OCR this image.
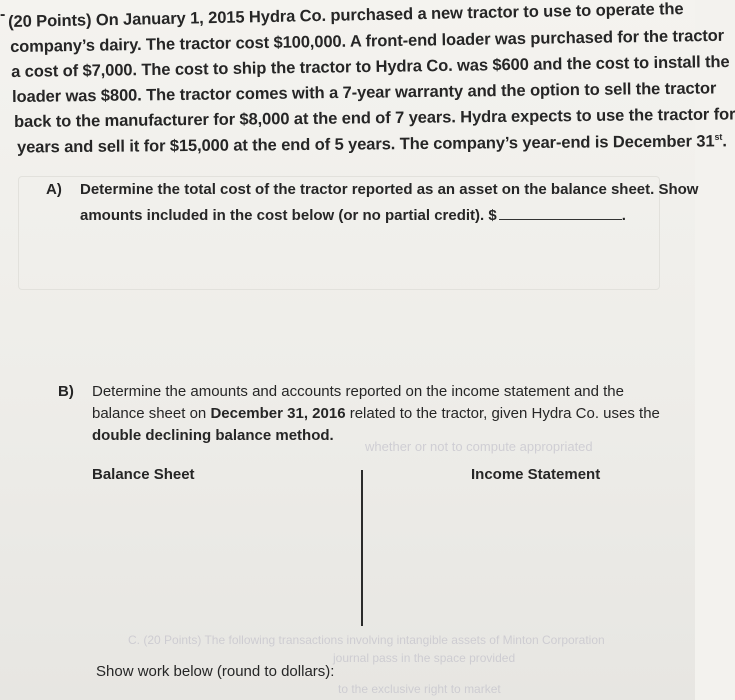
whether or not to compute appropriated
C. (20 Points) The following transactions involving intangible assets of Minton Corporation
journal pass in the space provided
to the exclusive right to market
- (20 Points) On January 1, 2015 Hydra Co. purchased a new tractor to use to operate the
company’s dairy. The tractor cost $100,000. A front-end loader was purchased for the tractor
a cost of $7,000. The cost to ship the tractor to Hydra Co. was $600 and the cost to install the
loader was $800. The tractor comes with a 7-year warranty and the option to sell the tractor
back to the manufacturer for $8,000 at the end of 7 years. Hydra expects to use the tractor for
years and sell it for $15,000 at the end of 5 years. The company’s year-end is December 31st.
A) Determine the total cost of the tractor reported as an asset on the balance sheet. Show
amounts included in the cost below (or no partial credit). $	.
B) Determine the amounts and accounts reported on the income statement and the
balance sheet on December 31, 2016 related to the tractor, given Hydra Co. uses the
double declining balance method.
Balance Sheet	Income Statement
Show work below (round to dollars):
